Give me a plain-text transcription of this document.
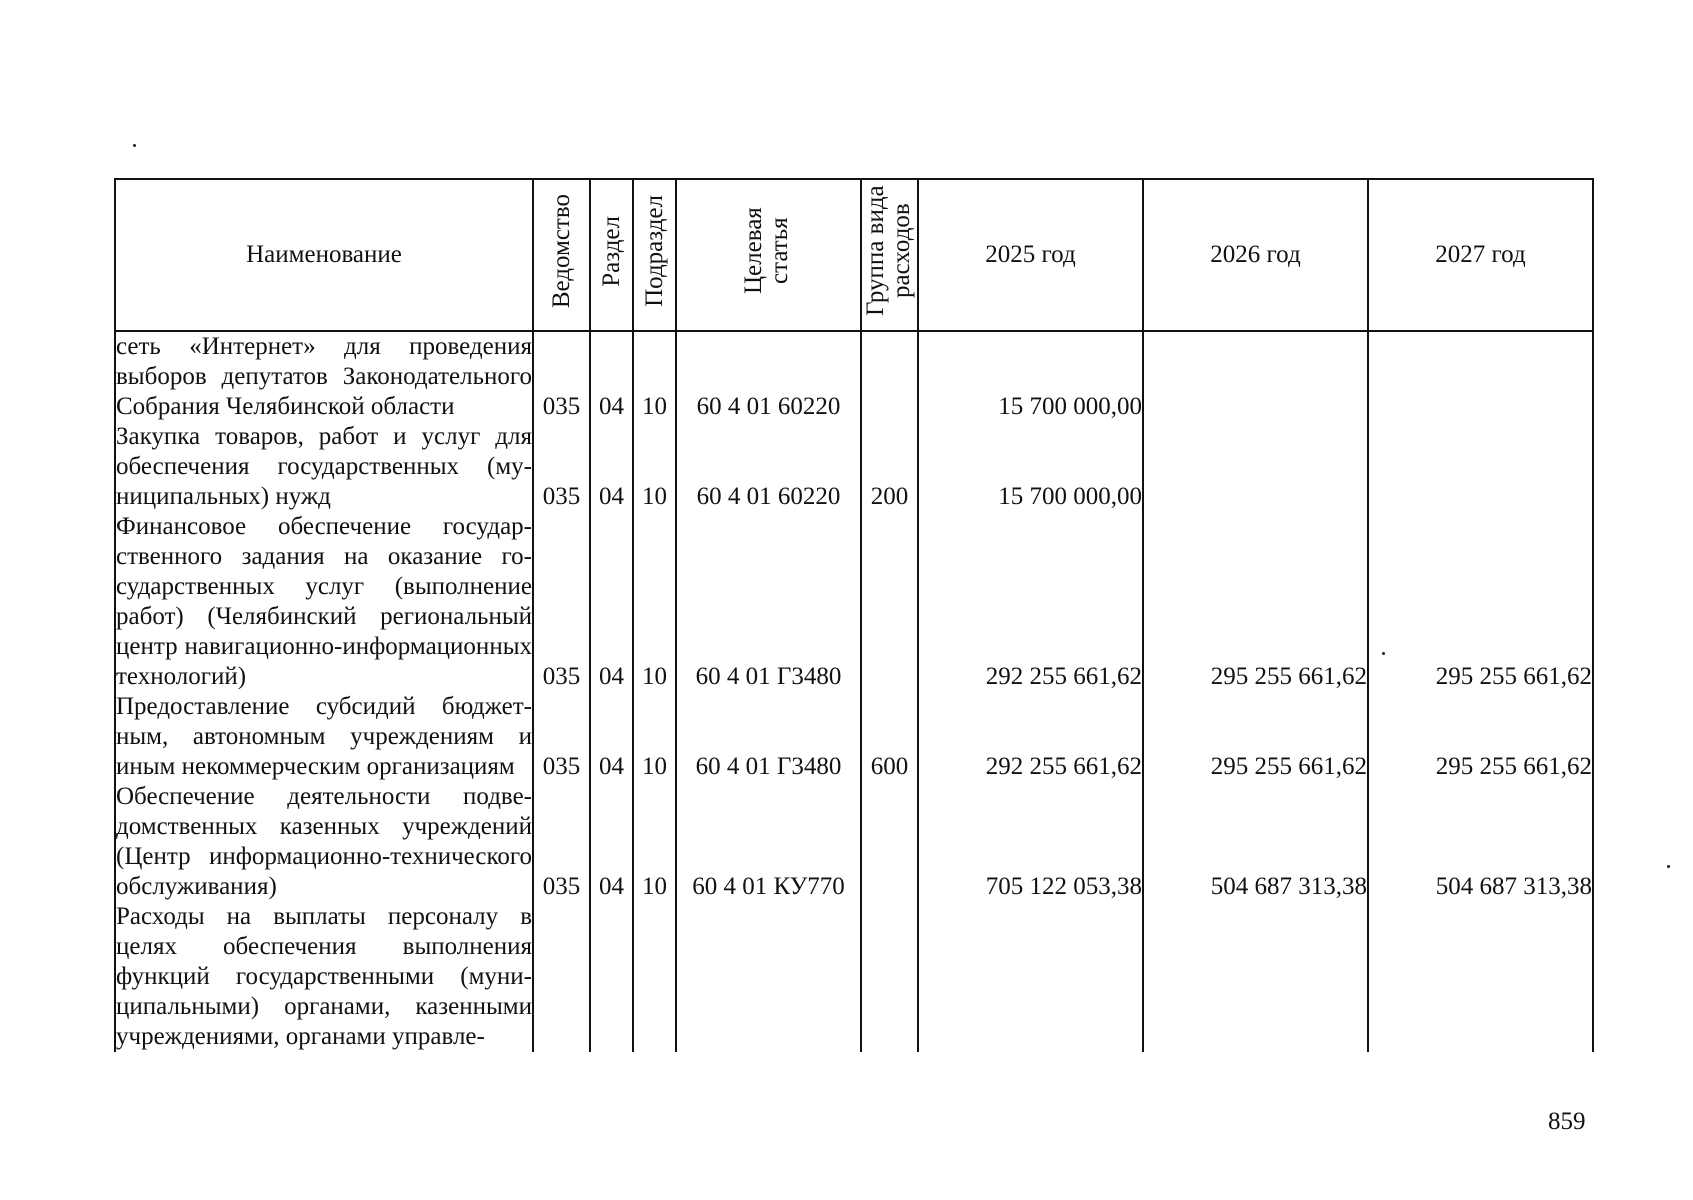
Наименование	Ведомство	Раздел	Подраздел	Целевая статья	Группа вида расходов	2025 год	2026 год	2027 год
сеть «Интернет» для проведения выборов депутатов Законодательного Собрания Челябинской области	035	04	10	60 4 01 60220		15 700 000,00		
Закупка товаров, работ и услуг для обеспечения государственных (муниципальных) нужд	035	04	10	60 4 01 60220	200	15 700 000,00		
Финансовое обеспечение государственного задания на оказание государственных услуг (выполнение работ) (Челябинский региональный центр навигационно-информационных технологий)	035	04	10	60 4 01 Г3480		292 255 661,62	295 255 661,62	295 255 661,62
Предоставление субсидий бюджетным, автономным учреждениям и иным некоммерческим организациям	035	04	10	60 4 01 Г3480	600	292 255 661,62	295 255 661,62	295 255 661,62
Обеспечение деятельности подведомственных казенных учреждений (Центр информационно-технического обслуживания)	035	04	10	60 4 01 КУ770		705 122 053,38	504 687 313,38	504 687 313,38
Расходы на выплаты персоналу в целях обеспечения выполнения функций государственными (муниципальными) органами, казенными учреждениями, органами управле-								
859
